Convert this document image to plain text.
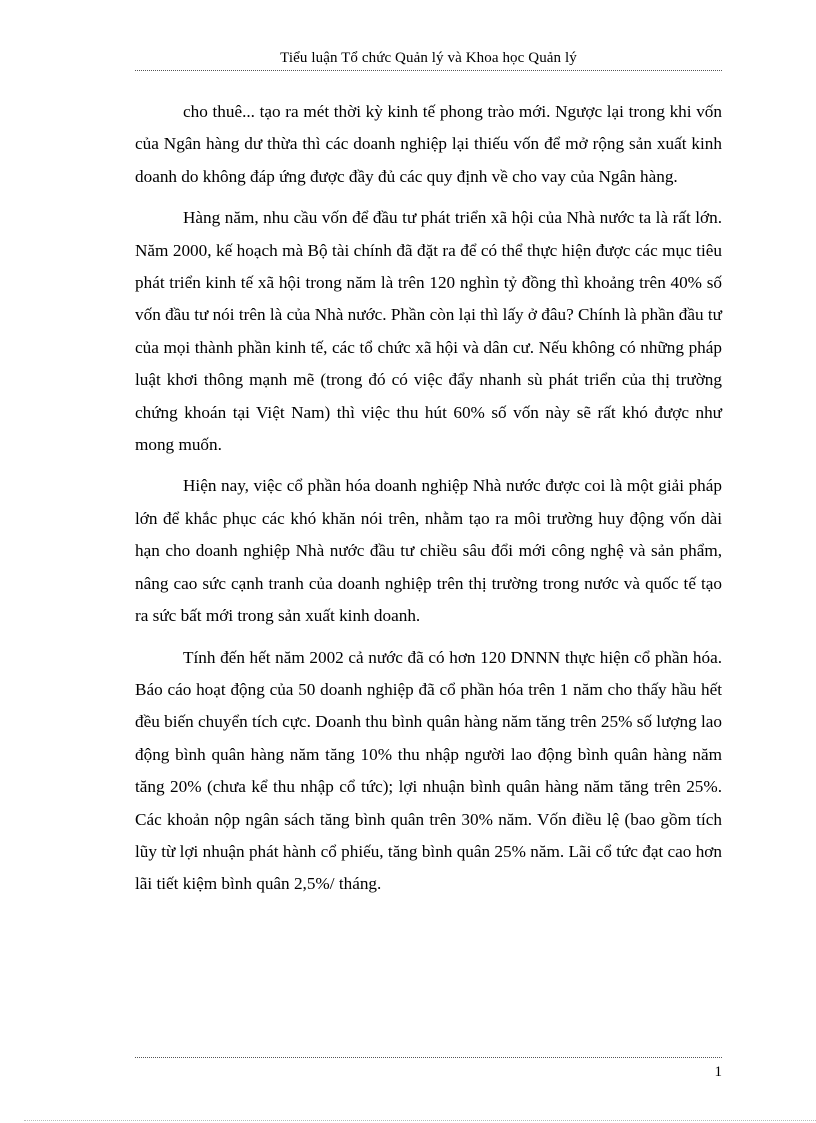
Tiểu luận Tổ chức Quản lý và Khoa học Quản lý

cho thuê... tạo ra mét thời kỳ kinh tế phong trào mới. Ngược lại trong khi vốn của Ngân hàng dư thừa thì các doanh nghiệp lại thiếu vốn để mở rộng sản xuất kinh doanh do không đáp ứng được đầy đủ các quy định về cho vay của Ngân hàng.

Hàng năm, nhu cầu vốn để đầu tư phát triển xã hội của Nhà nước ta là rất lớn. Năm 2000, kế hoạch mà Bộ tài chính đã đặt ra để có thể thực hiện được các mục tiêu phát triển kinh tế xã hội trong năm là trên 120 nghìn tỷ đồng thì khoảng trên 40% số vốn đầu tư nói trên là của Nhà nước. Phần còn lại thì lấy ở đâu? Chính là phần đầu tư của mọi thành phần kinh tế, các tổ chức xã hội và dân cư. Nếu không có những pháp luật khơi thông mạnh mẽ (trong đó có việc đẩy nhanh sù phát triển của thị trường chứng khoán tại Việt Nam) thì việc thu hút 60% số vốn này sẽ rất khó được như mong muốn.

Hiện nay, việc cổ phần hóa doanh nghiệp Nhà nước được coi là một giải pháp lớn để khắc phục các khó khăn nói trên, nhằm tạo ra môi trường huy động vốn dài hạn cho doanh nghiệp Nhà nước đầu tư chiều sâu đổi mới công nghệ và sản phẩm, nâng cao sức cạnh tranh của doanh nghiệp trên thị trường trong nước và quốc tế tạo ra sức bất mới trong sản xuất kinh doanh.

Tính đến hết năm 2002 cả nước đã có hơn 120 DNNN thực hiện cổ phần hóa. Báo cáo hoạt động của 50 doanh nghiệp đã cổ phần hóa trên 1 năm cho thấy hầu hết đều biến chuyển tích cực. Doanh thu bình quân hàng năm tăng trên 25% số lượng lao động bình quân hàng năm tăng 10% thu nhập người lao động bình quân hàng năm tăng 20% (chưa kể thu nhập cổ tức); lợi nhuận bình quân hàng năm tăng trên 25%. Các khoản nộp ngân sách tăng bình quân trên 30% năm. Vốn điều lệ (bao gồm tích lũy từ lợi nhuận phát hành cổ phiếu, tăng bình quân 25% năm. Lãi cổ tức đạt cao hơn lãi tiết kiệm bình quân 2,5%/ tháng.

1
